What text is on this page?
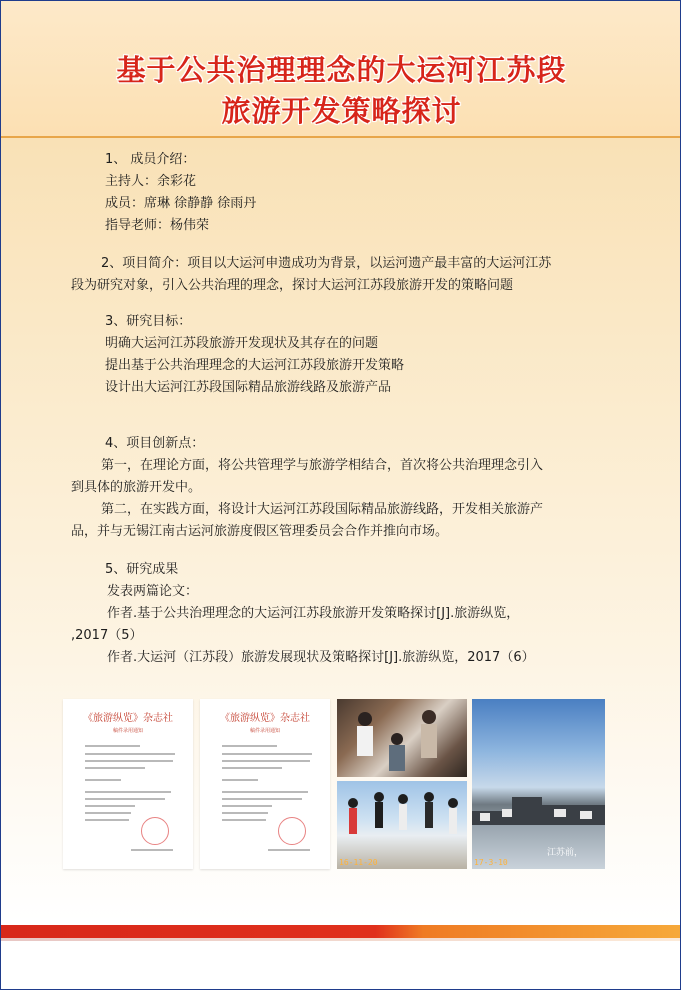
基于公共治理理念的大运河江苏段
旅游开发策略探讨

1、 成员介绍：

主持人：余彩花

成员：席琳 徐静静 徐雨丹

指导老师：杨伟荣

2、项目简介：项目以大运河申遗成功为背景，以运河遗产最丰富的大运河江苏

段为研究对象，引入公共治理的理念，探讨大运河江苏段旅游开发的策略问题

3、研究目标：

明确大运河江苏段旅游开发现状及其存在的问题

提出基于公共治理理念的大运河江苏段旅游开发策略

设计出大运河江苏段国际精品旅游线路及旅游产品

4、项目创新点：

第一，在理论方面，将公共管理学与旅游学相结合，首次将公共治理理念引入

到具体的旅游开发中。

第二，在实践方面，将设计大运河江苏段国际精品旅游线路，开发相关旅游产

品，并与无锡江南古运河旅游度假区管理委员会合作并推向市场。

5、研究成果

发表两篇论文：

作者.基于公共治理理念的大运河江苏段旅游开发策略探讨[J].旅游纵览，

,2017（5）

作者.大运河（江苏段）旅游发展现状及策略探讨[J].旅游纵览，2017（6）

《旅游纵览》杂志社
稿件录用通知
《旅游纵览》杂志社
稿件录用通知
16-11-20
江苏前，
17-3-10
